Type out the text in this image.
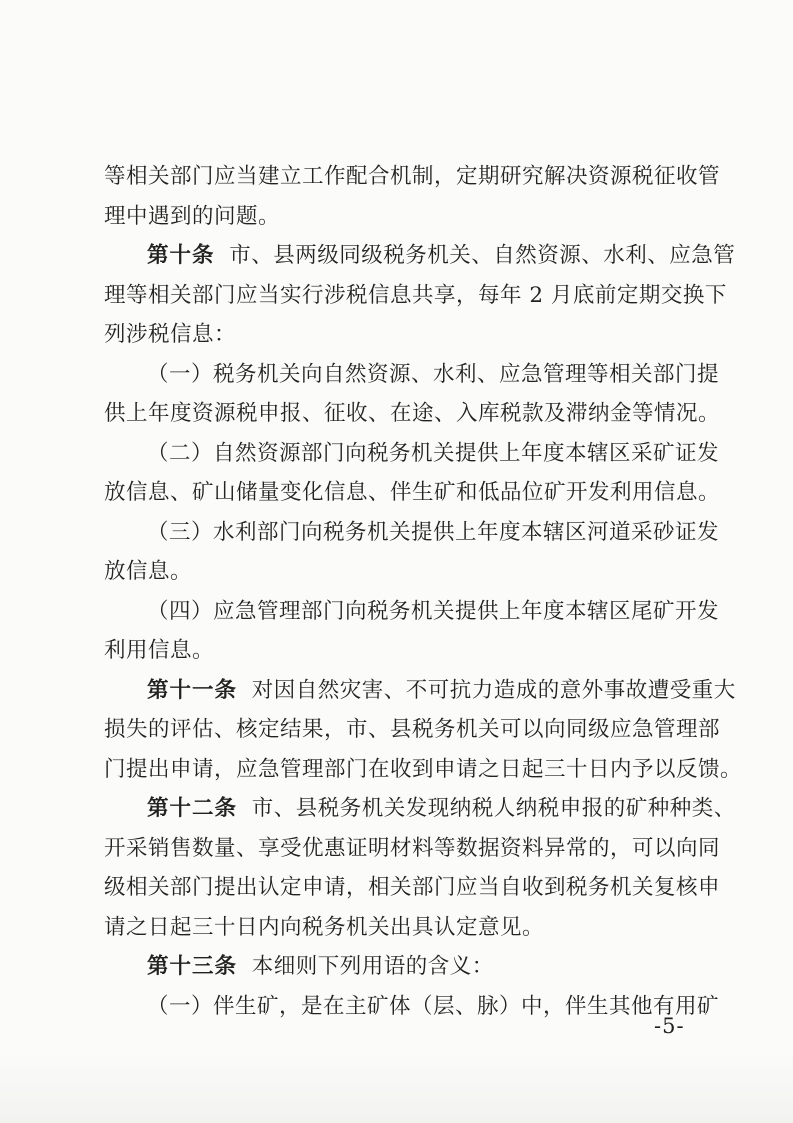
等相关部门应当建立工作配合机制，定期研究解决资源税征收管
理中遇到的问题。
第十条 市、县两级同级税务机关、自然资源、水利、应急管
理等相关部门应当实行涉税信息共享，每年 2 月底前定期交换下
列涉税信息：
（一）税务机关向自然资源、水利、应急管理等相关部门提
供上年度资源税申报、征收、在途、入库税款及滞纳金等情况。
（二）自然资源部门向税务机关提供上年度本辖区采矿证发
放信息、矿山储量变化信息、伴生矿和低品位矿开发利用信息。
（三）水利部门向税务机关提供上年度本辖区河道采砂证发
放信息。
（四）应急管理部门向税务机关提供上年度本辖区尾矿开发
利用信息。
第十一条 对因自然灾害、不可抗力造成的意外事故遭受重大
损失的评估、核定结果，市、县税务机关可以向同级应急管理部
门提出申请，应急管理部门在收到申请之日起三十日内予以反馈。
第十二条 市、县税务机关发现纳税人纳税申报的矿种种类、
开采销售数量、享受优惠证明材料等数据资料异常的，可以向同
级相关部门提出认定申请，相关部门应当自收到税务机关复核申
请之日起三十日内向税务机关出具认定意见。
第十三条 本细则下列用语的含义：
（一）伴生矿，是在主矿体（层、脉）中，伴生其他有用矿
-5-
